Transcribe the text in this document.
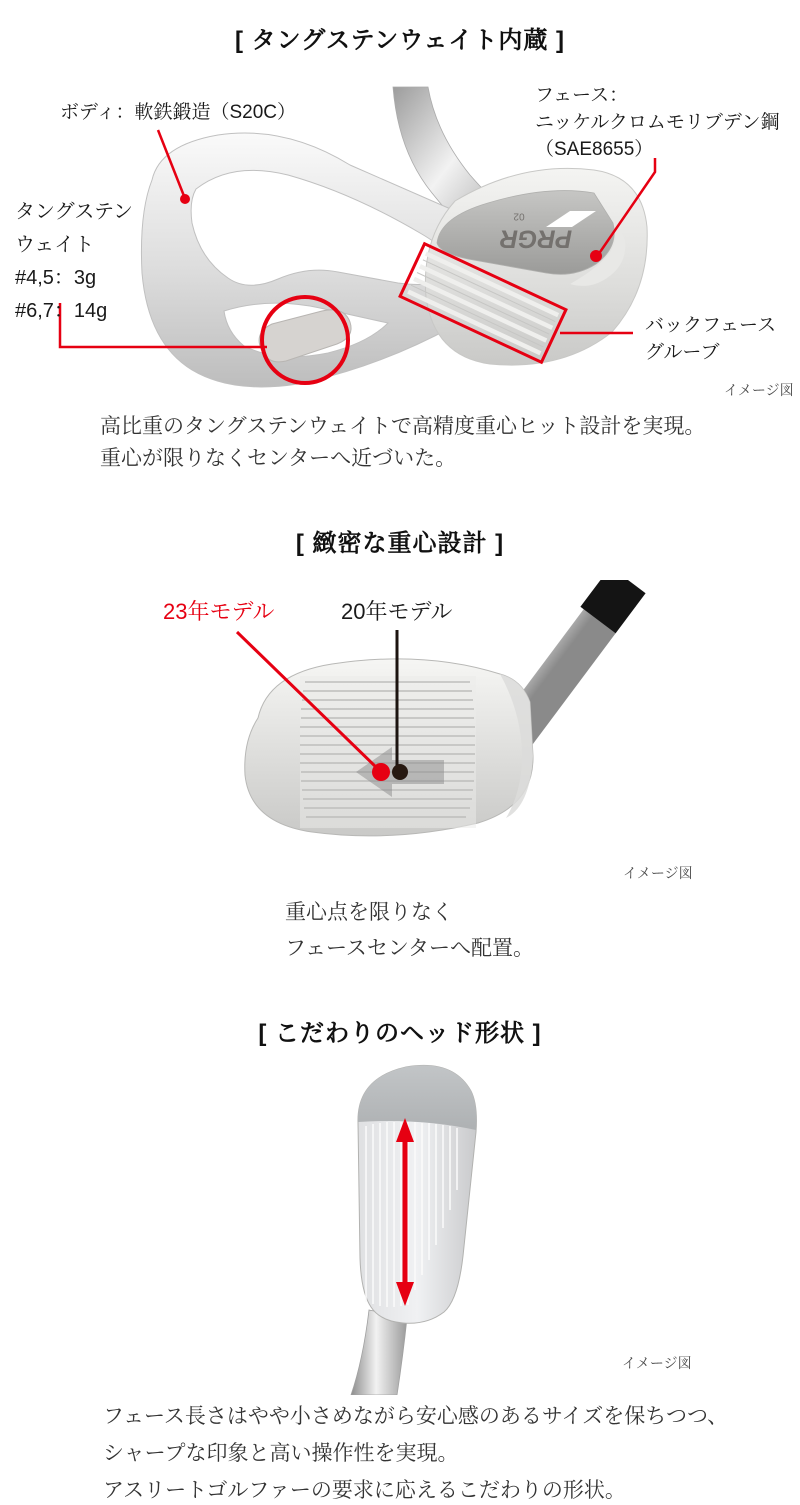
[ タングステンウェイト内蔵 ]
PRGR
02
ボディ：軟鉄鍛造（S20C）
フェース：
ニッケルクロムモリブデン鋼
（SAE8655）
タングステン
ウェイト
#4,5：3g
#6,7：14g
バックフェース
グルーブ
イメージ図
高比重のタングステンウェイトで高精度重心ヒット設計を実現。
重心が限りなくセンターへ近づいた。
[ 緻密な重心設計 ]
23年モデル	20年モデル
イメージ図
重心点を限りなく
フェースセンターへ配置。
[ こだわりのヘッド形状 ]
イメージ図
フェース長さはやや小さめながら安心感のあるサイズを保ちつつ、
シャープな印象と高い操作性を実現。
アスリートゴルファーの要求に応えるこだわりの形状。
